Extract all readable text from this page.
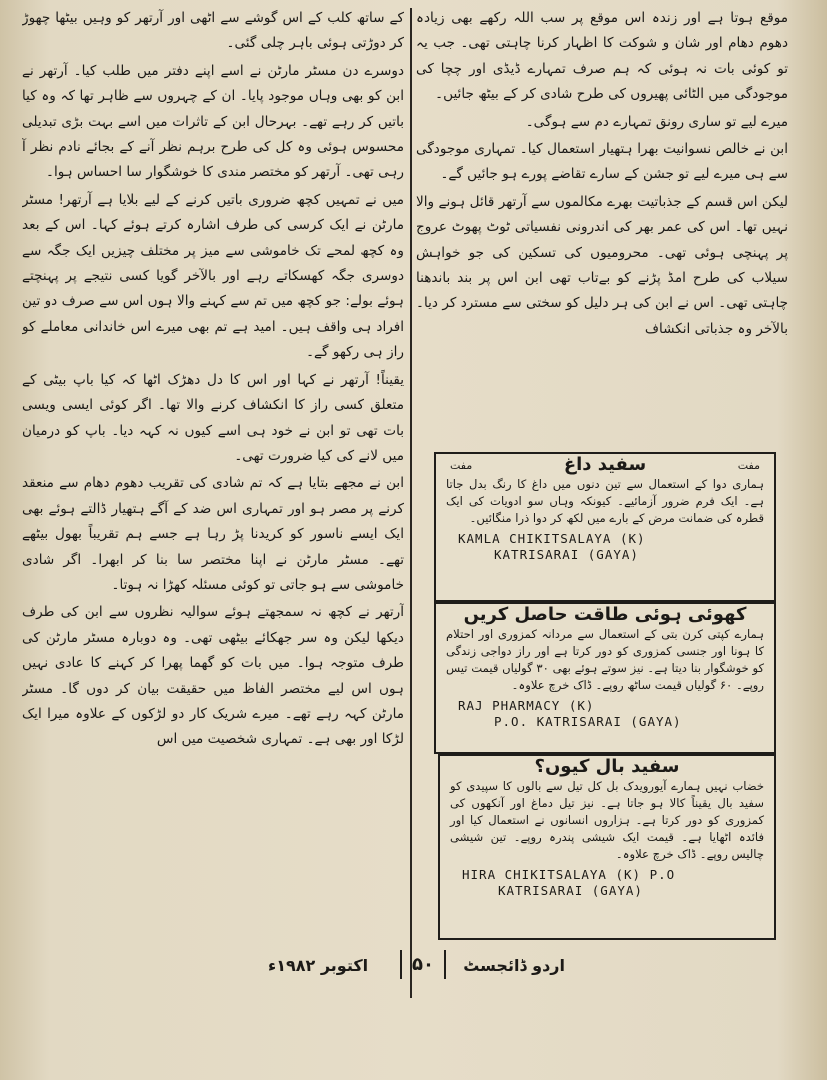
موقع ہوتا ہے اور زندہ اس موقع پر سب اللہ رکھے بھی زیادہ دھوم دھام اور شان و شوکت کا اظہار کرنا چاہتی تھی۔ جب یہ تو کوئی بات نہ ہوئی کہ ہم صرف تمہارے ڈیڈی اور چچا کی موجودگی میں الٹائی پھیروں کی طرح شادی کر کے بیٹھ جائیں۔

میرے لیے تو ساری رونق تمہارے دم سے ہوگی۔

ابن نے خالص نسوانیت بھرا ہتھیار استعمال کیا۔ تمہاری موجودگی سے ہی میرے لیے تو جشن کے سارے تقاضے پورے ہو جائیں گے۔

لیکن اس قسم کے جذباتیت بھرے مکالموں سے آرتھر قائل ہونے والا نہیں تھا۔ اس کی عمر بھر کی اندرونی نفسیاتی ٹوٹ پھوٹ عروج پر پہنچی ہوئی تھی۔ محرومیوں کی تسکین کی جو خواہش سیلاب کی طرح امڈ پڑنے کو بےتاب تھی ابن اس پر بند باندھنا چاہتی تھی۔ اس نے ابن کی ہر دلیل کو سختی سے مسترد کر دیا۔ بالآخر وہ جذباتی انکشاف

کے ساتھ کلب کے اس گوشے سے اٹھی اور آرتھر کو وہیں بیٹھا چھوڑ کر دوڑتی ہوئی باہر چلی گئی۔

دوسرے دن مسٹر مارٹن نے اسے اپنے دفتر میں طلب کیا۔ آرتھر نے ابن کو بھی وہاں موجود پایا۔ ان کے چہروں سے ظاہر تھا کہ وہ کیا باتیں کر رہے تھے۔ بہرحال ابن کے تاثرات میں اسے بہت بڑی تبدیلی محسوس ہوئی وہ کل کی طرح برہم نظر آنے کے بجائے نادم نظر آ رہی تھی۔ آرتھر کو مختصر مندی کا خوشگوار سا احساس ہوا۔

میں نے تمہیں کچھ ضروری باتیں کرنے کے لیے بلایا ہے آرتھر! مسٹر مارٹن نے ایک کرسی کی طرف اشارہ کرتے ہوئے کہا۔ اس کے بعد وہ کچھ لمحے تک خاموشی سے میز پر مختلف چیزیں ایک جگہ سے دوسری جگہ کھسکاتے رہے اور بالآخر گویا کسی نتیجے پر پہنچتے ہوئے بولے: جو کچھ میں تم سے کہنے والا ہوں اس سے صرف دو تین افراد ہی واقف ہیں۔ امید ہے تم بھی میرے اس خاندانی معاملے کو راز ہی رکھو گے۔

یقیناً! آرتھر نے کہا اور اس کا دل دھڑک اٹھا کہ کیا باپ بیٹی کے متعلق کسی راز کا انکشاف کرنے والا تھا۔ اگر کوئی ایسی ویسی بات تھی تو ابن نے خود ہی اسے کیوں نہ کہہ دیا۔ باپ کو درمیان میں لانے کی کیا ضرورت تھی۔

ابن نے مجھے بتایا ہے کہ تم شادی کی تقریب دھوم دھام سے منعقد کرنے پر مصر ہو اور تمہاری اس ضد کے آگے ہتھیار ڈالتے ہوئے بھی ایک ایسے ناسور کو کریدنا پڑ رہا ہے جسے ہم تقریباً بھول بیٹھے تھے۔ مسٹر مارٹن نے اپنا مختصر سا بنا کر ابھرا۔ اگر شادی خاموشی سے ہو جاتی تو کوئی مسئلہ کھڑا نہ ہوتا۔

آرتھر نے کچھ نہ سمجھتے ہوئے سوالیہ نظروں سے ابن کی طرف دیکھا لیکن وہ سر جھکائے بیٹھی تھی۔ وہ دوبارہ مسٹر مارٹن کی طرف متوجہ ہوا۔ میں بات کو گھما پھرا کر کہنے کا عادی نہیں ہوں اس لیے مختصر الفاظ میں حقیقت بیان کر دوں گا۔ مسٹر مارٹن کہہ رہے تھے۔ میرے شریک کار دو لڑکوں کے علاوہ میرا ایک لڑکا اور بھی ہے۔ تمہاری شخصیت میں اس

مفت	مفت
سفید داغ
ہماری دوا کے استعمال سے تین دنوں میں داغ کا رنگ بدل جاتا ہے۔ ایک فرم ضرور آزمائیے۔ کیونکہ وہاں سو ادویات کی ایک قطرہ کی ضمانت مرض کے بارے میں لکھ کر دوا ذرا منگائیں۔
KAMLA CHIKITSALAYA (K)
KATRISARAI (GAYA)
کھوئی ہوئی طاقت حاصل کریں
ہمارے کپتی کرن بتی کے استعمال سے مردانہ کمزوری اور احتلام کا ہونا اور جنسی کمزوری کو دور کرتا ہے اور راز دواجی زندگی کو خوشگوار بنا دیتا ہے۔ نیز سوتے ہوئے بھی ۳۰ گولیاں قیمت تیس روپے۔ ۶۰ گولیاں قیمت ساٹھ روپے۔ ڈاک خرچ علاوہ۔
RAJ PHARMACY (K)
P.O. KATRISARAI (GAYA)
سفید بال کیوں؟
خضاب نہیں ہمارے آیورویدک بل کل تیل سے بالوں کا سپیدی کو سفید بال یقیناً کالا ہو جاتا ہے۔ نیز تیل دماغ اور آنکھوں کی کمزوری کو دور کرتا ہے۔ ہزاروں انسانوں نے استعمال کیا اور فائدہ اٹھایا ہے۔ قیمت ایک شیشی پندرہ روپے۔ تین شیشی چالیس روپے۔ ڈاک خرچ علاوہ۔
HIRA CHIKITSALAYA (K) P.O
KATRISARAI (GAYA)
اردو ڈائجسٹ
۵۰
اکتوبر ۱۹۸۲ء
